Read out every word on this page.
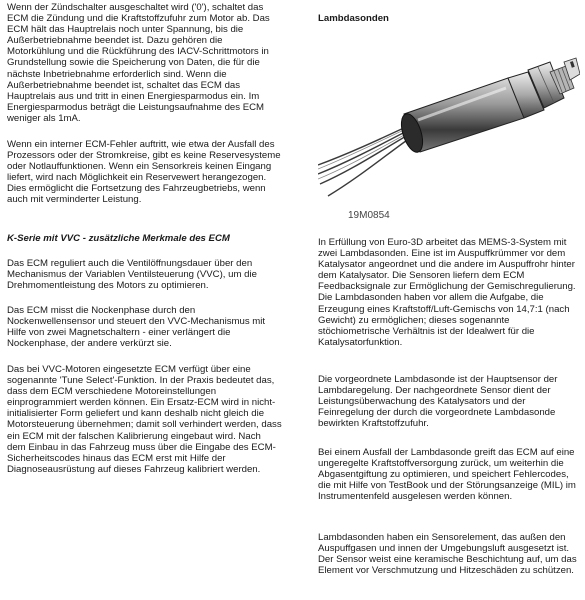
Wenn der Zündschalter ausgeschaltet wird ('0'), schaltet das ECM die Zündung und die Kraftstoffzufuhr zum Motor ab. Das ECM hält das Hauptrelais noch unter Spannung, bis die Außerbetriebnahme beendet ist. Dazu gehören die Motorkühlung und die Rückführung des IACV-Schrittmotors in Grundstellung sowie die Speicherung von Daten, die für die nächste Inbetriebnahme erforderlich sind. Wenn die Außerbetriebnahme beendet ist, schaltet das ECM das Hauptrelais aus und tritt in einen Energiesparmodus ein. Im Energiesparmodus beträgt die Leistungsaufnahme des ECM weniger als 1mA.

Wenn ein interner ECM-Fehler auftritt, wie etwa der Ausfall des Prozessors oder der Stromkreise, gibt es keine Reservesysteme oder Notlauffunktionen. Wenn ein Sensorkreis keinen Eingang liefert, wird nach Möglichkeit ein Reservewert herangezogen. Dies ermöglicht die Fortsetzung des Fahrzeugbetriebs, wenn auch mit verminderter Leistung.

K-Serie mit VVC - zusätzliche Merkmale des ECM

Das ECM reguliert auch die Ventilöffnungsdauer über den Mechanismus der Variablen Ventilsteuerung (VVC), um die Drehmomentleistung des Motors zu optimieren.

Das ECM misst die Nockenphase durch den Nockenwellensensor und steuert den VVC-Mechanismus mit Hilfe von zwei Magnetschaltern - einer verlängert die Nockenphase, der andere verkürzt sie.

Das bei VVC-Motoren eingesetzte ECM verfügt über eine sogenannte 'Tune Select'-Funktion. In der Praxis bedeutet das, dass dem ECM verschiedene Motoreinstellungen einprogrammiert werden können. Ein Ersatz-ECM wird in nicht-initialisierter Form geliefert und kann deshalb nicht gleich die Motorsteuerung übernehmen; damit soll verhindert werden, dass ein ECM mit der falschen Kalibrierung eingebaut wird. Nach dem Einbau in das Fahrzeug muss über die Eingabe des ECM-Sicherheitscodes hinaus das ECM erst mit Hilfe der Diagnoseausrüstung auf dieses Fahrzeug kalibriert werden.

Lambdasonden

19M0854

In Erfüllung von Euro-3D arbeitet das MEMS-3-System mit zwei Lambdasonden. Eine ist im Auspuffkrümmer vor dem Katalysator angeordnet und die andere im Auspuffrohr hinter dem Katalysator. Die Sensoren liefern dem ECM Feedbacksignale zur Ermöglichung der Gemischregulierung. Die Lambdasonden haben vor allem die Aufgabe, die Erzeugung eines Kraftstoff/Luft-Gemischs von 14,7:1 (nach Gewicht) zu ermöglichen; dieses sogenannte stöchiometrische Verhältnis ist der Idealwert für die Katalysatorfunktion.

Die vorgeordnete Lambdasonde ist der Hauptsensor der Lambdaregelung. Der nachgeordnete Sensor dient der Leistungsüberwachung des Katalysators und der Feinregelung der durch die vorgeordnete Lambdasonde bewirkten Kraftstoffzufuhr.

Bei einem Ausfall der Lambdasonde greift das ECM auf eine ungeregelte Kraftstoffversorgung zurück, um weiterhin die Abgasentgiftung zu optimieren, und speichert Fehlercodes, die mit Hilfe von TestBook und der Störungsanzeige (MIL) im Instrumentenfeld ausgelesen werden können.

Lambdasonden haben ein Sensorelement, das außen den Auspuffgasen und innen der Umgebungsluft ausgesetzt ist. Der Sensor weist eine keramische Beschichtung auf, um das Element vor Verschmutzung und Hitzeschäden zu schützen.
